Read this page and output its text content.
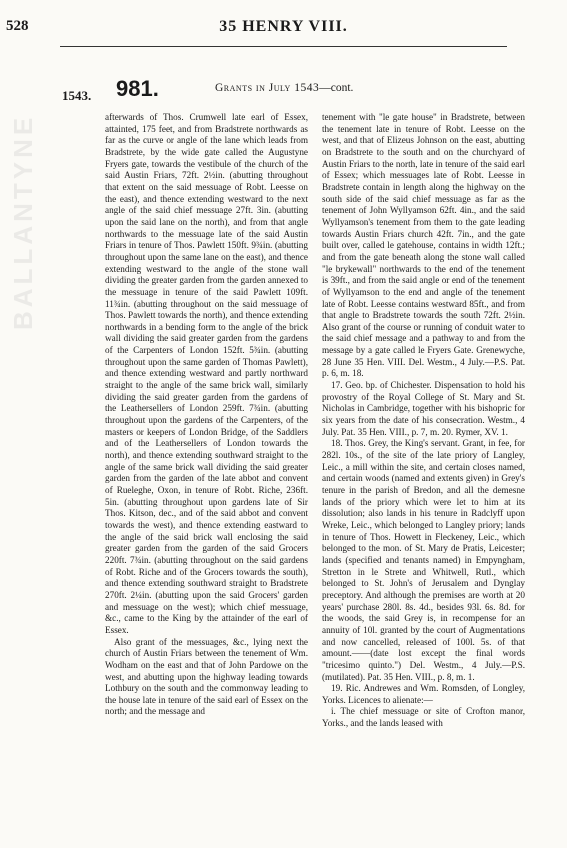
528	35 HENRY VIII.
1543. 981.	Grants in July 1543—cont.

afterwards of Thos. Crumwell late earl of Essex, attainted, 175 feet, and from Bradstrete northwards as far as the curve or angle of the lane which leads from Bradstrete, by the wide gate called the Augustyne Fryers gate, towards the vestibule of the church of the said Austin Friars, 72ft. 2½in. (abutting throughout that extent on the said messuage of Robt. Leesse on the east), and thence extending westward to the next angle of the said chief messuage 27ft. 3in. (abutting upon the said lane on the north), and from that angle northwards to the messuage late of the said Austin Friars in tenure of Thos. Pawlett 150ft. 9¾in. (abutting throughout upon the same lane on the east), and thence extending westward to the angle of the stone wall dividing the greater garden from the garden annexed to the messuage in tenure of the said Pawlett 109ft. 11¾in. (abutting throughout on the said messuage of Thos. Pawlett towards the north), and thence extending northwards in a bending form to the angle of the brick wall dividing the said greater garden from the gardens of the Carpenters of London 152ft. 5¾in. (abutting throughout upon the same garden of Thomas Pawlett), and thence extending westward and partly northward straight to the angle of the same brick wall, similarly dividing the said greater garden from the gardens of the Leathersellers of London 259ft. 7¾in. (abutting throughout upon the gardens of the Carpenters, of the masters or keepers of London Bridge, of the Saddlers and of the Leathersellers of London towards the north), and thence extending southward straight to the angle of the same brick wall dividing the said greater garden from the garden of the late abbot and convent of Rueleghe, Oxon, in tenure of Robt. Riche, 236ft. 5in. (abutting throughout upon gardens late of Sir Thos. Kitson, dec., and of the said abbot and convent towards the west), and thence extending eastward to the angle of the said brick wall enclosing the said greater garden from the garden of the said Grocers 220ft. 7¾in. (abutting throughout on the said gardens of Robt. Riche and of the Grocers towards the south), and thence extending southward straight to Bradstrete 270ft. 2¼in. (abutting upon the said Grocers' garden and messuage on the west); which chief messuage, &c., came to the King by the attainder of the earl of Essex.

Also grant of the messuages, &c., lying next the church of Austin Friars between the tenement of Wm. Wodham on the east and that of John Pardowe on the west, and abutting upon the highway leading towards Lothbury on the south and the commonway leading to the house late in tenure of the said earl of Essex on the north; and the message and

tenement with "le gate house" in Bradstrete, between the tenement late in tenure of Robt. Leesse on the west, and that of Elizeus Johnson on the east, abutting on Bradstrete to the south and on the churchyard of Austin Friars to the north, late in tenure of the said earl of Essex; which messuages late of Robt. Leesse in Bradstrete contain in length along the highway on the south side of the said chief messuage as far as the tenement of John Wyllyamson 62ft. 4in., and the said Wyllyamson's tenement from them to the gate leading towards Austin Friars church 42ft. 7in., and the gate built over, called le gatehouse, contains in width 12ft.; and from the gate beneath along the stone wall called "le brykewall" northwards to the end of the tenement is 39ft., and from the said angle or end of the tenement of Wyllyamson to the end and angle of the tenement late of Robt. Leesse contains westward 85ft., and from that angle to Bradstrete towards the south 72ft. 2½in. Also grant of the course or running of conduit water to the said chief message and a pathway to and from the message by a gate called le Fryers Gate. Grenewyche, 28 June 35 Hen. VIII. Del. Westm., 4 July.—P.S. Pat. p. 6, m. 18.

17. Geo. bp. of Chichester. Dispensation to hold his provostry of the Royal College of St. Mary and St. Nicholas in Cambridge, together with his bishopric for six years from the date of his consecration. Westm., 4 July. Pat. 35 Hen. VIII., p. 7, m. 20. Rymer, XV. 1.

18. Thos. Grey, the King's servant. Grant, in fee, for 282l. 10s., of the site of the late priory of Langley, Leic., a mill within the site, and certain closes named, and certain woods (named and extents given) in Grey's tenure in the parish of Bredon, and all the demesne lands of the priory which were let to him at its dissolution; also lands in his tenure in Radclyff upon Wreke, Leic., which belonged to Langley priory; lands in tenure of Thos. Howett in Fleckeney, Leic., which belonged to the mon. of St. Mary de Pratis, Leicester; lands (specified and tenants named) in Empyngham, Stretton in le Strete and Whitwell, Rutl., which belonged to St. John's of Jerusalem and Dynglay preceptory. And although the premises are worth at 20 years' purchase 280l. 8s. 4d., besides 93l. 6s. 8d. for the woods, the said Grey is, in recompense for an annuity of 10l. granted by the court of Augmentations and now cancelled, released of 100l. 5s. of that amount.——(date lost except the final words "tricesimo quinto.") Del. Westm., 4 July.—P.S. (mutilated). Pat. 35 Hen. VIII., p. 8, m. 1.

19. Ric. Andrewes and Wm. Romsden, of Longley, Yorks. Licences to alienate:—

i. The chief messuage or site of Crofton manor, Yorks., and the lands leased with

BALLANTYNE
